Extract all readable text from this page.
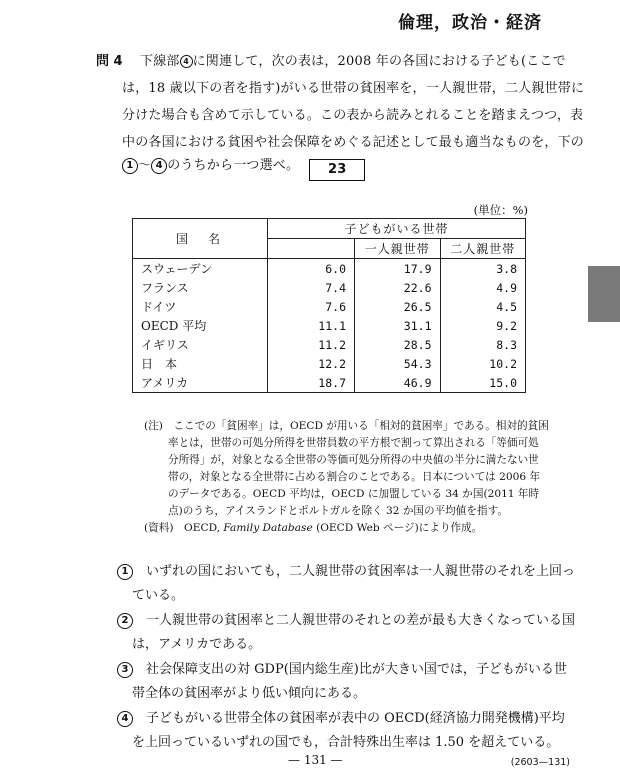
倫理，政治・経済
問 4 下線部 4 に関連して，次の表は，2008 年の各国における子ども(ここで
は，18 歳以下の者を指す)がいる世帯の貧困率を，一人親世帯，二人親世帯に
分けた場合も含めて示している。この表から読みとれることを踏まえつつ，表
中の各国における貧困や社会保障をめぐる記述として最も適当なものを，下の
1 ～ 4 のうちから一つ選べ。 23
(単位：%)
国　名	子どもがいる世帯		
		一人親世帯	二人親世帯
スウェーデン	6.0	17.9	3.8
フランス	7.4	22.6	4.9
ドイツ	7.6	26.5	4.5
OECD 平均	11.1	31.1	9.2
イギリス	11.2	28.5	8.3
日　本	12.2	54.3	10.2
アメリカ	18.7	46.9	15.0
(注)　ここでの「貧困率」は，OECD が用いる「相対的貧困率」である。相対的貧困
率とは，世帯の可処分所得を世帯員数の平方根で割って算出される「等価可処
分所得」が，対象となる全世帯の等価可処分所得の中央値の半分に満たない世
帯の，対象となる全世帯に占める割合のことである。日本については 2006 年
のデータである。OECD 平均は，OECD に加盟している 34 か国(2011 年時
点)のうち，アイスランドとポルトガルを除く 32 か国の平均値を指す。
(資料)　OECD, Family Database (OECD Web ページ)により作成。
1　 いずれの国においても，二人親世帯の貧困率は一人親世帯のそれを上回っ
ている。
2　 一人親世帯の貧困率と二人親世帯のそれとの差が最も大きくなっている国
は，アメリカである。
3　 社会保障支出の対 GDP(国内総生産)比が大きい国では，子どもがいる世
帯全体の貧困率がより低い傾向にある。
4　 子どもがいる世帯全体の貧困率が表中の OECD(経済協力開発機構)平均
を上回っているいずれの国でも，合計特殊出生率は 1.50 を超えている。
— 131 —	(2603—131)
